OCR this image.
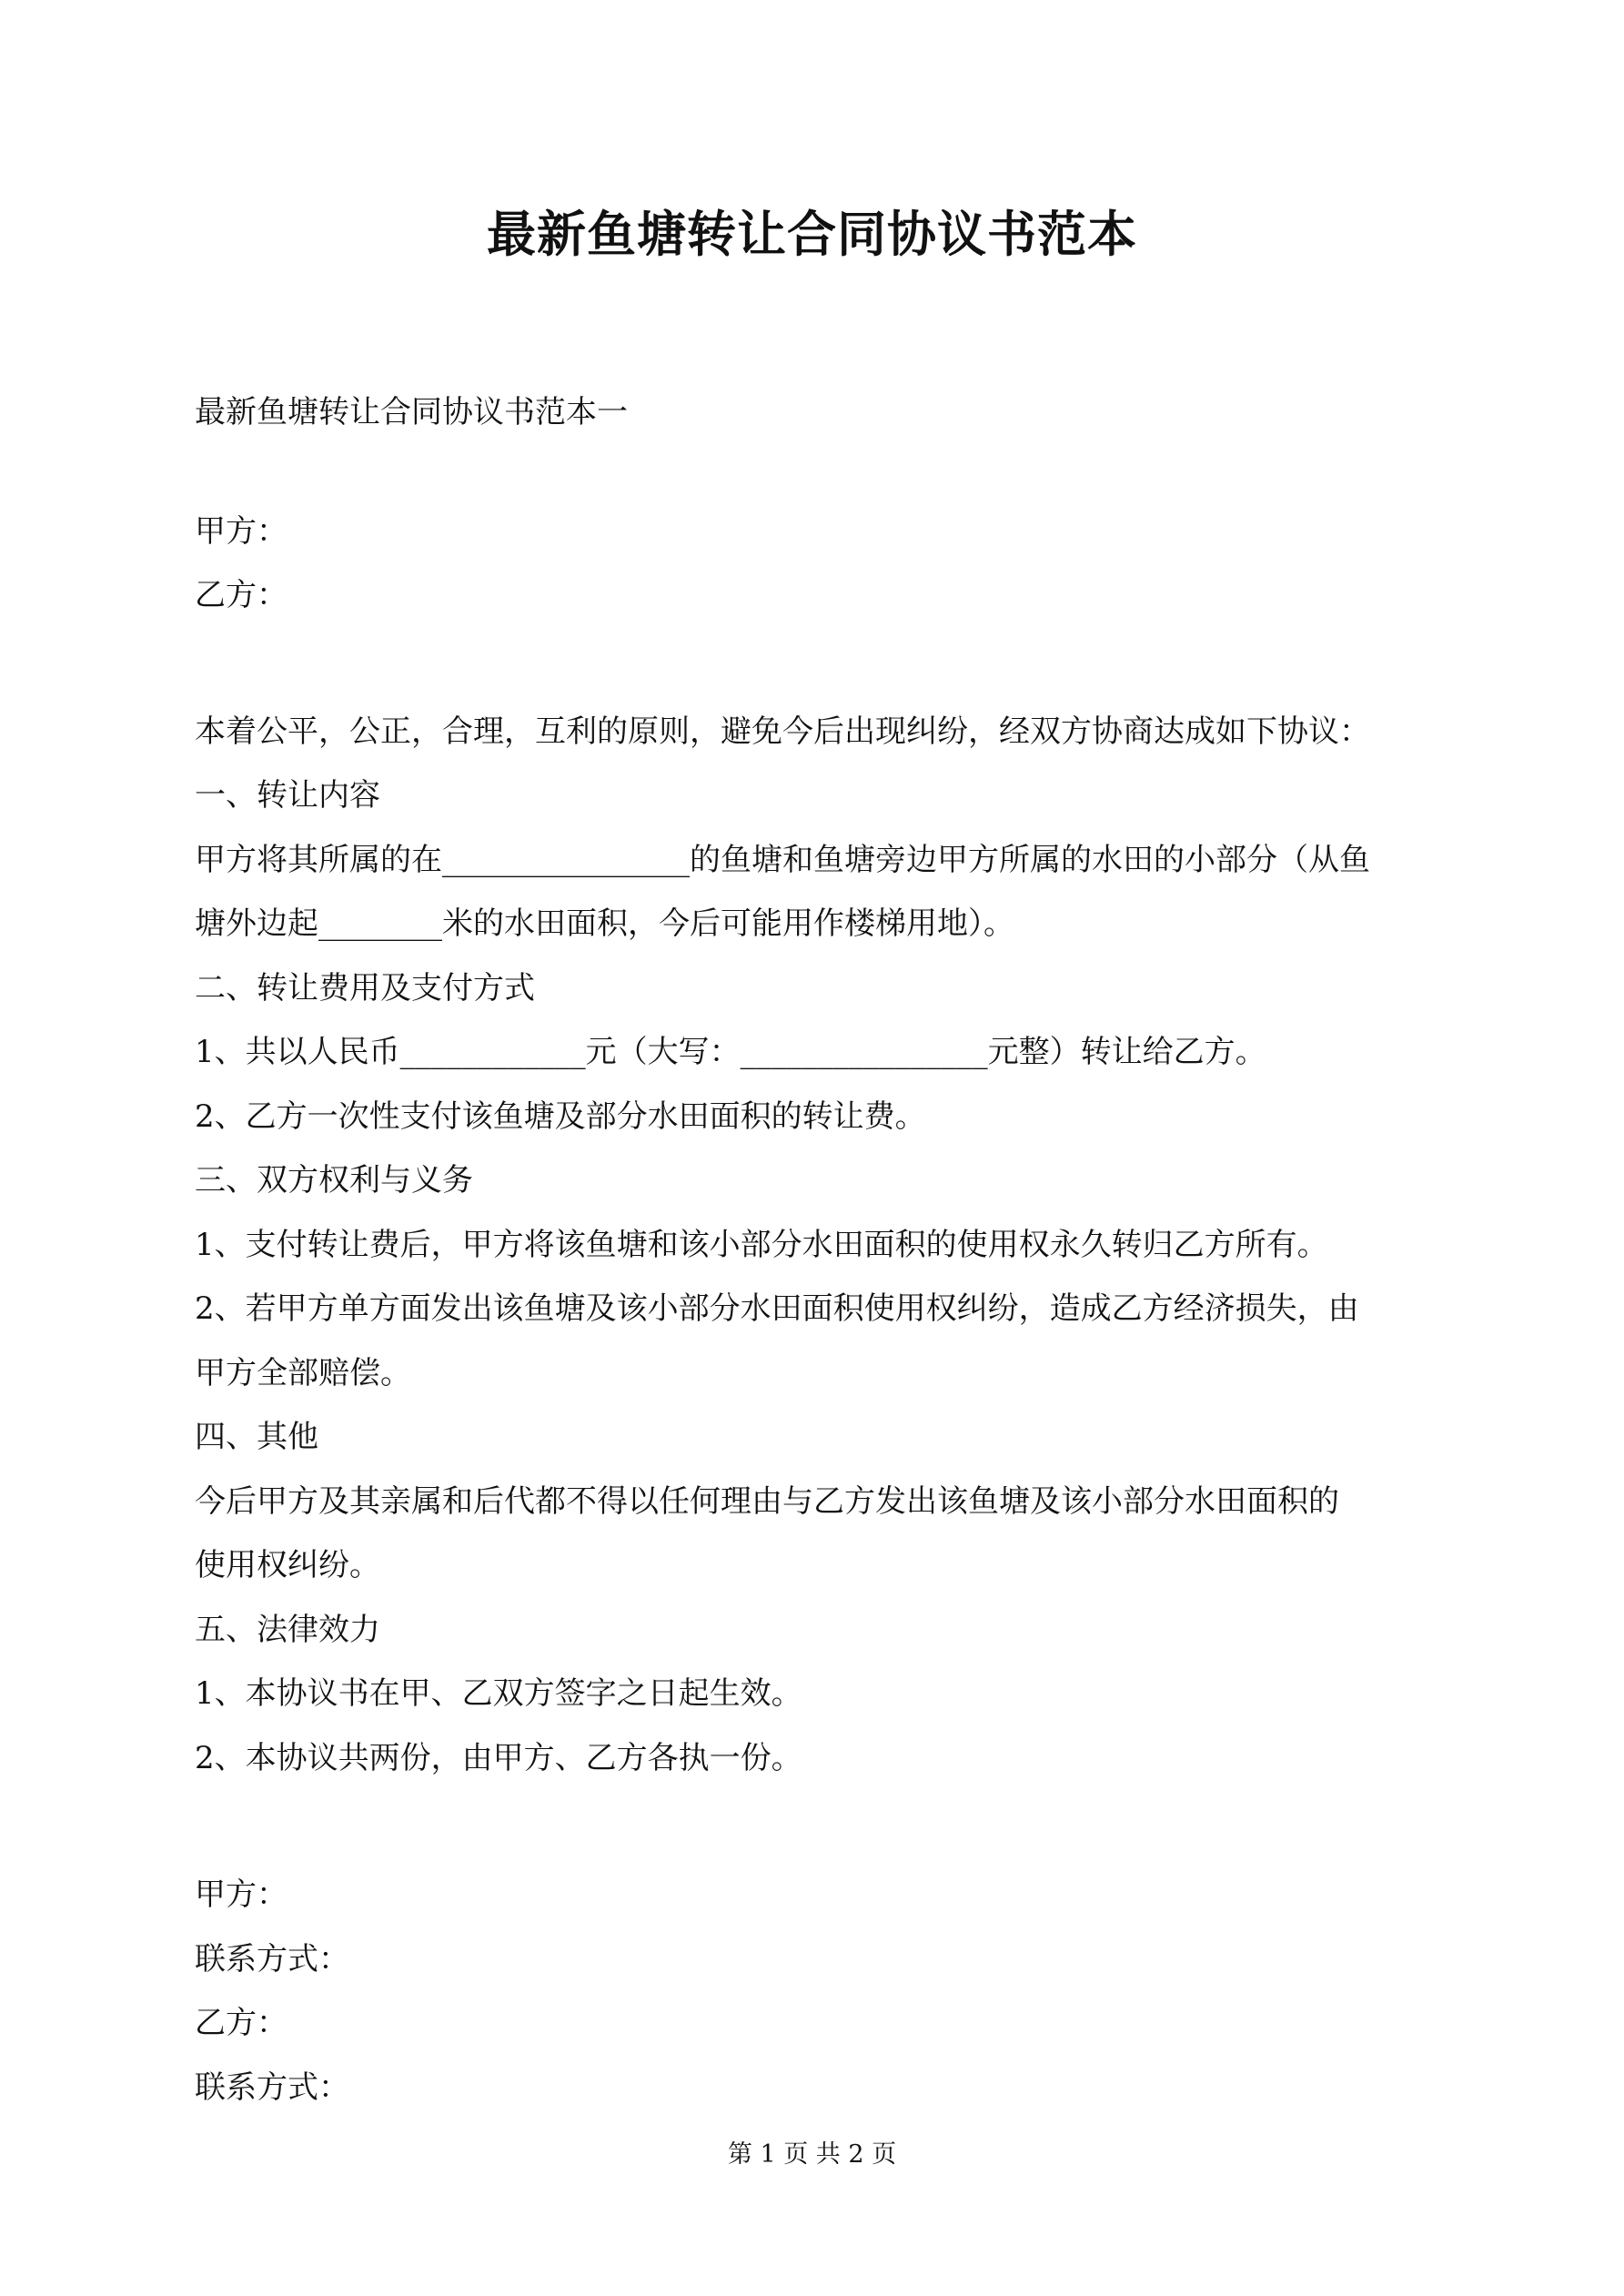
最新鱼塘转让合同协议书范本
最新鱼塘转让合同协议书范本一
甲方：
乙方：
本着公平，公正，合理，互利的原则，避免今后出现纠纷，经双方协商达成如下协议：
一、转让内容
甲方将其所属的在________________的鱼塘和鱼塘旁边甲方所属的水田的小部分（从鱼
塘外边起________米的水田面积，今后可能用作楼梯用地）。
二、转让费用及支付方式
1、共以人民币____________元（大写：________________元整）转让给乙方。
2、乙方一次性支付该鱼塘及部分水田面积的转让费。
三、双方权利与义务
1、支付转让费后，甲方将该鱼塘和该小部分水田面积的使用权永久转归乙方所有。
2、若甲方单方面发出该鱼塘及该小部分水田面积使用权纠纷，造成乙方经济损失，由
甲方全部赔偿。
四、其他
今后甲方及其亲属和后代都不得以任何理由与乙方发出该鱼塘及该小部分水田面积的
使用权纠纷。
五、法律效力
1、本协议书在甲、乙双方签字之日起生效。
2、本协议共两份，由甲方、乙方各执一份。
甲方：
联系方式：
乙方：
联系方式：
第 1 页 共 2 页
